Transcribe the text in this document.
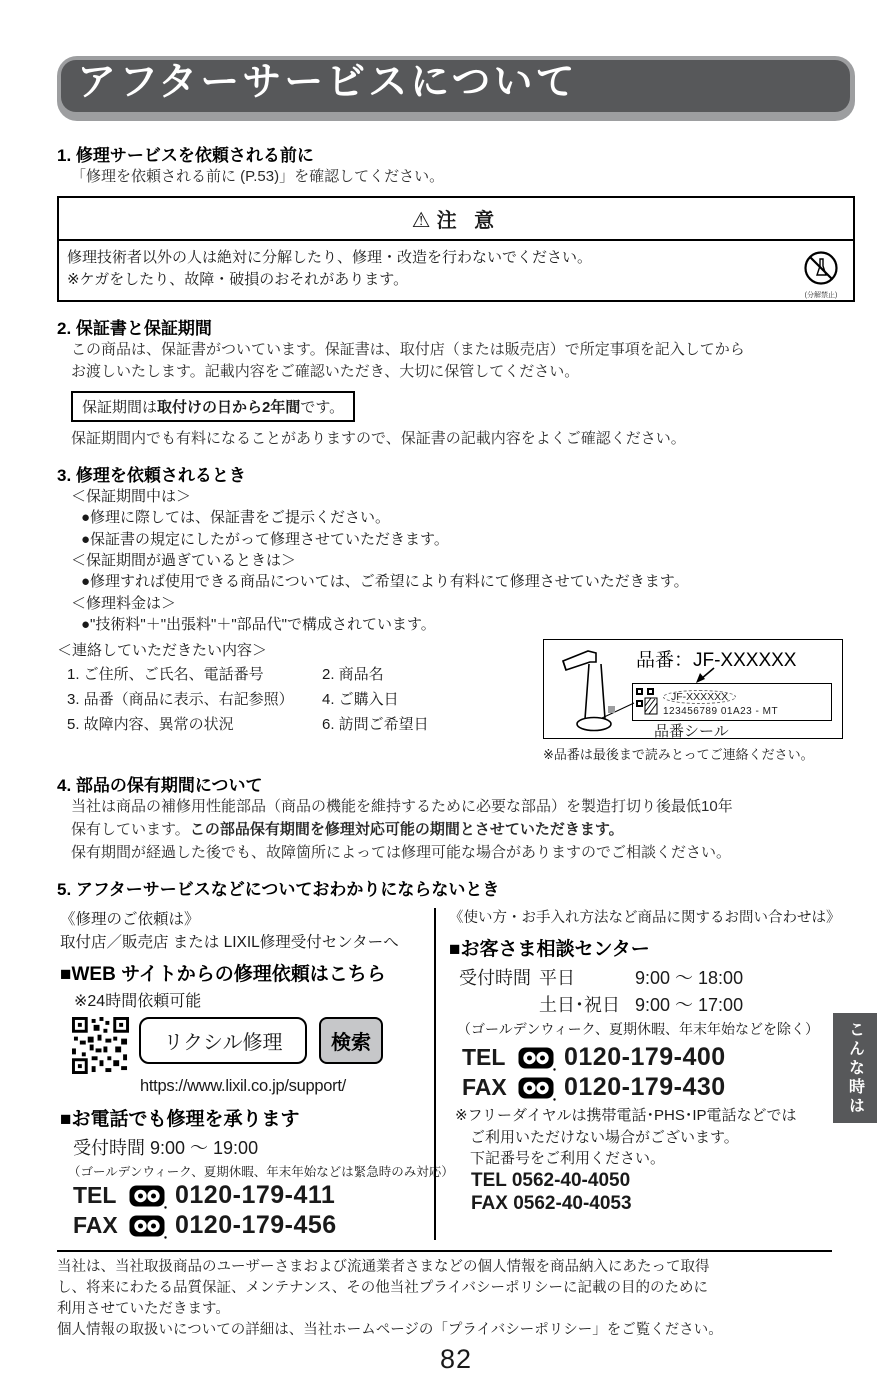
アフターサービスについて
1. 修理サービスを依頼される前に

「修理を依頼される前に (P.53)」を確認してください。

⚠ 注 意

修理技術者以外の人は絶対に分解したり、修理・改造を行わないでください。

※ケガをしたり、故障・破損のおそれがあります。

(分解禁止)
2. 保証書と保証期間

この商品は、保証書がついています。保証書は、取付店（または販売店）で所定事項を記入してから

お渡しいたします。記載内容をご確認いただき、大切に保管してください。

保証期間は取付けの日から2年間です。

保証期間内でも有料になることがありますので、保証書の記載内容をよくご確認ください。

3. 修理を依頼されるとき

＜保証期間中は＞

●修理に際しては、保証書をご提示ください。

●保証書の規定にしたがって修理させていただきます。

＜保証期間が過ぎているときは＞

●修理すれば使用できる商品については、ご希望により有料にて修理させていただきます。

＜修理料金は＞

●"技術料"＋"出張料"＋"部品代"で構成されています。

＜連絡していただきたい内容＞

1. ご住所、ご氏名、電話番号	2. 商品名
3. 品番（商品に表示、右記参照）	4. ご購入日
5. 故障内容、異常の状況	6. 訪問ご希望日
品番：JF-XXXXXX
JF-XXXXXX
123456789 01A23 - MT
品番シール
※品番は最後まで読みとってご連絡ください。
4. 部品の保有期間について

当社は商品の補修用性能部品（商品の機能を維持するために必要な部品）を製造打切り後最低10年

保有しています。この部品保有期間を修理対応可能の期間とさせていただきます。

保有期間が経過した後でも、故障箇所によっては修理可能な場合がありますのでご相談ください。

5. アフターサービスなどについておわかりにならないとき

《修理のご依頼は》

取付店／販売店 または LIXIL修理受付センターへ

■WEB サイトからの修理依頼はこちら

※24時間依頼可能

リクシル修理	検索

https://www.lixil.co.jp/support/

■お電話でも修理を承ります

受付時間 9:00 ～ 19:00

（ゴールデンウィーク、夏期休暇、年末年始などは緊急時のみ対応）

TEL	0120-179-411
FAX	0120-179-456

《使い方・お手入れ方法など商品に関するお問い合わせは》

■お客さま相談センター

受付時間 平日	9:00 ～ 18:00
土日･祝日 9:00 ～ 17:00

（ゴールデンウィーク、夏期休暇、年末年始などを除く）

TEL	0120-179-400
FAX	0120-179-430

※フリーダイヤルは携帯電話･PHS･IP電話などでは

ご利用いただけない場合がございます。

下記番号をご利用ください。

TEL 0562-40-4050

FAX 0562-40-4053

当社は、当社取扱商品のユーザーさまおよび流通業者さまなどの個人情報を商品納入にあたって取得

し、将来にわたる品質保証、メンテナンス、その他当社プライバシーポリシーに記載の目的のために

利用させていただきます。

個人情報の取扱いについての詳細は、当社ホームページの「プライバシーポリシー」をご覧ください。

82
こんな時は
